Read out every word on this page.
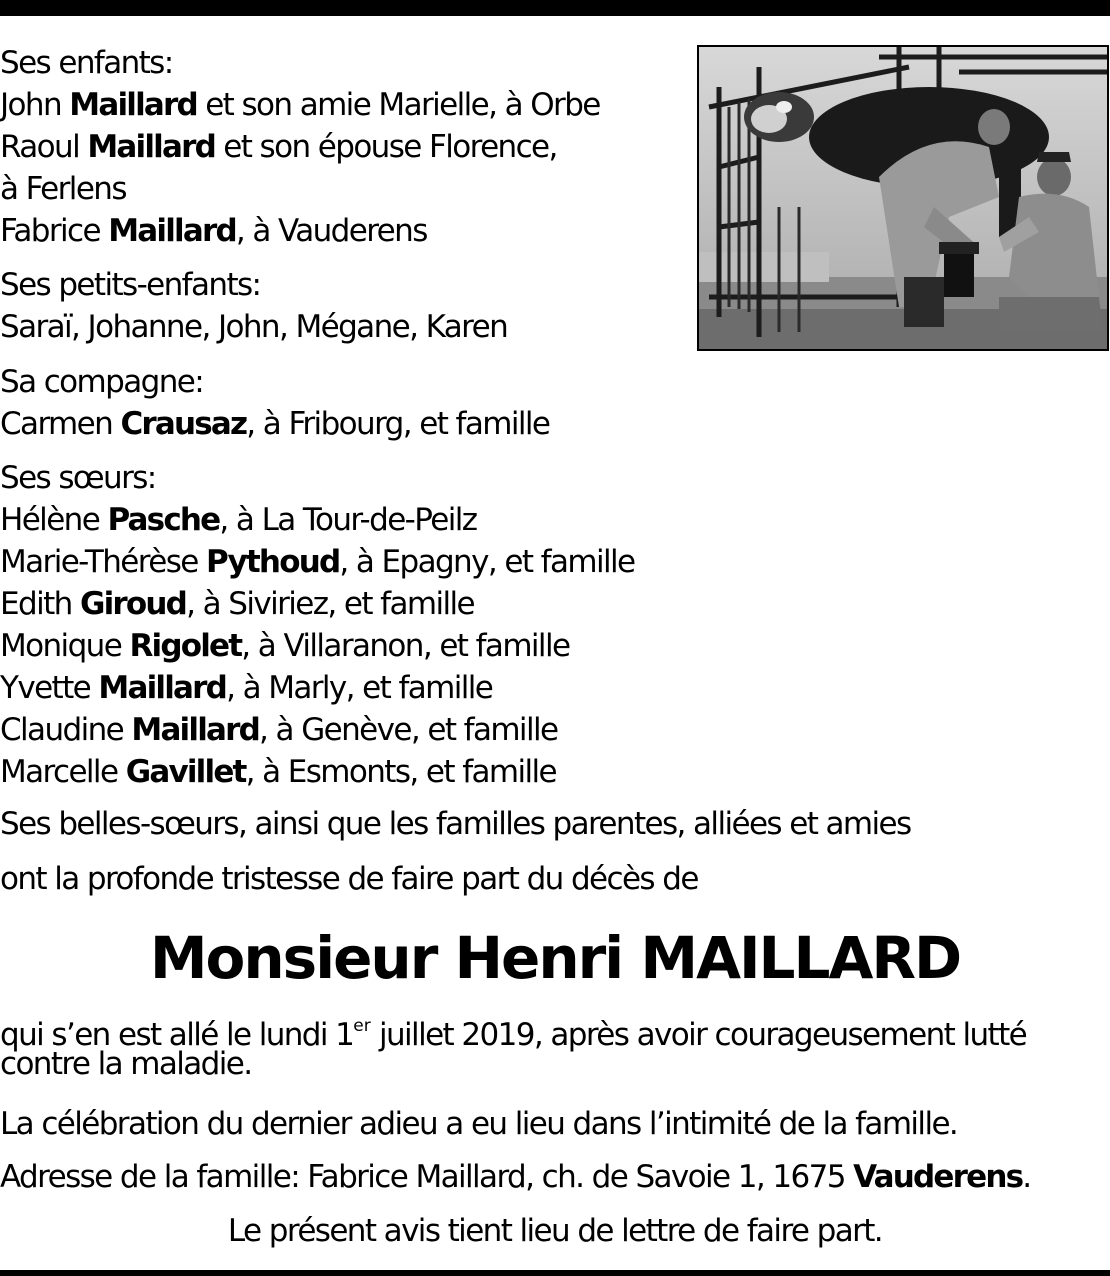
Ses enfants:
John Maillard et son amie Marielle, à Orbe
Raoul Maillard et son épouse Florence,
à Ferlens
Fabrice Maillard, à Vauderens
Ses petits-enfants:
Saraï, Johanne, John, Mégane, Karen
Sa compagne:
Carmen Crausaz, à Fribourg, et famille
Ses sœurs:
Hélène Pasche, à La Tour-de-Peilz
Marie-Thérèse Pythoud, à Epagny, et famille
Edith Giroud, à Siviriez, et famille
Monique Rigolet, à Villaranon, et famille
Yvette Maillard, à Marly, et famille
Claudine Maillard, à Genève, et famille
Marcelle Gavillet, à Esmonts, et famille
Ses belles-sœurs, ainsi que les familles parentes, alliées et amies
ont la profonde tristesse de faire part du décès de
Monsieur Henri MAILLARD
qui s’en est allé le lundi 1er juillet 2019, après avoir courageusement lutté
contre la maladie.
La célébration du dernier adieu a eu lieu dans l’intimité de la famille.
Adresse de la famille: Fabrice Maillard, ch. de Savoie 1, 1675 Vauderens.
Le présent avis tient lieu de lettre de faire part.
